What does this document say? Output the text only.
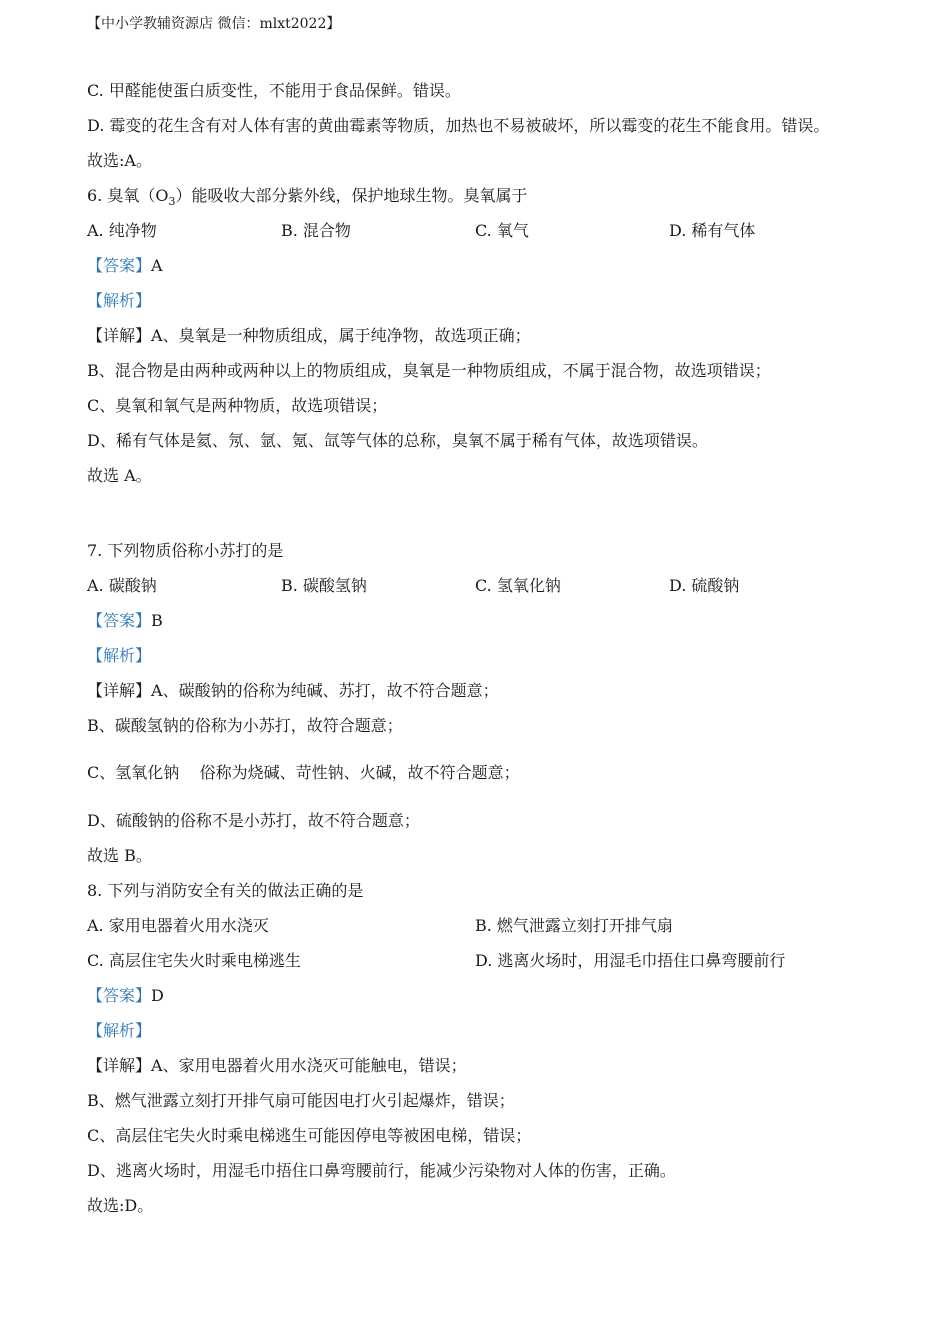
【中小学教辅资源店 微信：mlxt2022】
C. 甲醛能使蛋白质变性，不能用于食品保鲜。错误。
D. 霉变的花生含有对人体有害的黄曲霉素等物质，加热也不易被破坏，所以霉变的花生不能食用。错误。
故选:A。
6. 臭氧$(O_3)$能吸收大部分紫外线，保护地球生物。臭氧属于
A. 纯净物	B. 混合物	C. 氧气	D. 稀有气体
【答案】A
【解析】
【详解】A、臭氧是一种物质组成，属于纯净物，故选项正确；
B、混合物是由两种或两种以上的物质组成，臭氧是一种物质组成，不属于混合物，故选项错误；
C、臭氧和氧气是两种物质，故选项错误；
D、稀有气体是氦、氖、氩、氪、氙等气体的总称，臭氧不属于稀有气体，故选项错误。
故选 A。
7. 下列物质俗称小苏打的是
A. 碳酸钠	B. 碳酸氢钠	C. 氢氧化钠	D. 硫酸钠
【答案】B
【解析】
【详解】A、碳酸钠的俗称为纯碱、苏打，故不符合题意；
B、碳酸氢钠的俗称为小苏打，故符合题意；
C、氢氧化钠    俗称为烧碱、苛性钠、火碱，故不符合题意；
D、硫酸钠的俗称不是小苏打，故不符合题意；
故选 B。
8. 下列与消防安全有关的做法正确的是
A. 家用电器着火用水浇灭	B. 燃气泄露立刻打开排气扇
C. 高层住宅失火时乘电梯逃生	D. 逃离火场时，用湿毛巾捂住口鼻弯腰前行
【答案】D
【解析】
【详解】A、家用电器着火用水浇灭可能触电，错误；
B、燃气泄露立刻打开排气扇可能因电打火引起爆炸，错误；
C、高层住宅失火时乘电梯逃生可能因停电等被困电梯，错误；
D、逃离火场时，用湿毛巾捂住口鼻弯腰前行，能减少污染物对人体的伤害，正确。
故选:D。
